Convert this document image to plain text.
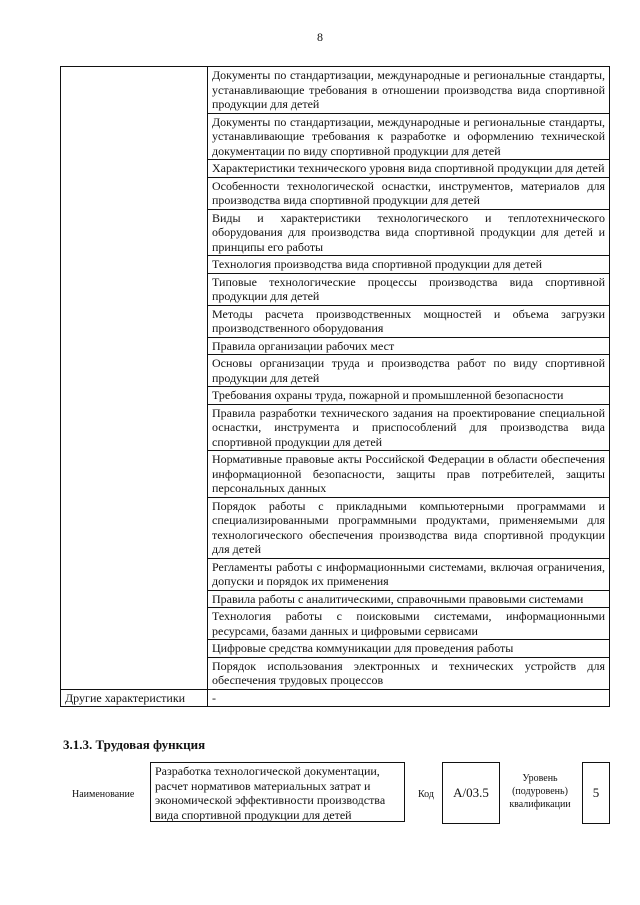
8
	Документы по стандартизации, международные и региональные стандарты, устанавливающие требования в отношении производства вида спортивной продукции для детей
	Документы по стандартизации, международные и региональные стандарты, устанавливающие требования к разработке и оформлению технической документации по виду спортивной продукции для детей
	Характеристики технического уровня вида спортивной продукции для детей
	Особенности технологической оснастки, инструментов, материалов для производства вида спортивной продукции для детей
	Виды и характеристики технологического и теплотехнического оборудования для производства вида спортивной продукции для детей и принципы его работы
	Технология производства вида спортивной продукции для детей
	Типовые технологические процессы производства вида спортивной продукции для детей
	Методы расчета производственных мощностей и объема загрузки производственного оборудования
	Правила организации рабочих мест
	Основы организации труда и производства работ по виду спортивной продукции для детей
	Требования охраны труда, пожарной и промышленной безопасности
	Правила разработки технического задания на проектирование специальной оснастки, инструмента и приспособлений для производства вида спортивной продукции для детей
	Нормативные правовые акты Российской Федерации в области обеспечения информационной безопасности, защиты прав потребителей, защиты персональных данных
	Порядок работы с прикладными компьютерными программами и специализированными программными продуктами, применяемыми для технологического обеспечения производства вида спортивной продукции для детей
	Регламенты работы с информационными системами, включая ограничения, допуски и порядок их применения
	Правила работы с аналитическими, справочными правовыми системами
	Технология работы с поисковыми системами, информационными ресурсами, базами данных и цифровыми сервисами
	Цифровые средства коммуникации для проведения работы
	Порядок использования электронных и технических устройств для обеспечения трудовых процессов
Другие характеристики	-
3.1.3. Трудовая функция
Наименование
Разработка технологической документации, расчет нормативов материальных затрат и экономической эффективности производства вида спортивной продукции для детей
Код	А/03.5
Уровень (подуровень) квалификации
5
